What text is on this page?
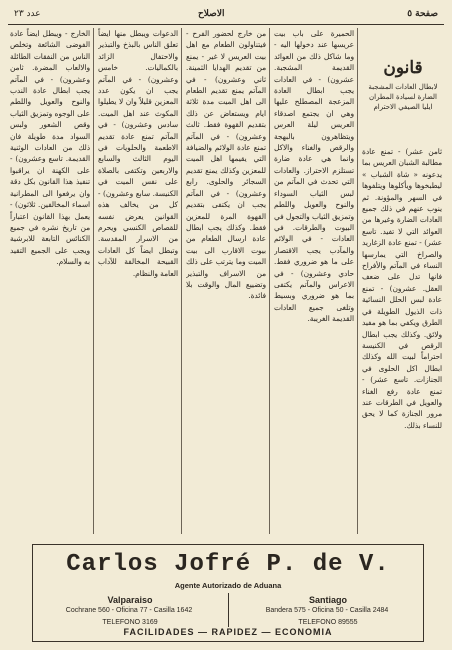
صفحة ٥
الاصلاح
عدد ٢٣

ثامن عشر) - تمنع عادة مطالبة الشبان العريس بما يدعونه « شاة الشباب » ليطبخوها ويأكلوها ويتلفوها في السهر والمؤونة. ثم ينوب عنهم في ذلك جميع العادات الضارة وغيرها من العوائد التي لا تفيد. تاسع عشر) - تمنع عادة الزغاريد والصراخ التي يمارسها النساء في المآتم والأفراح فانها تدل على ضعف العقل. عشرون) - تمنع عادة لبس الحلل النسائية ذات الذيول الطويلة في الطرق ويكفي بما هو مفيد ولائق. وكذلك يجب ابطال الرقص في الكنيسة احتراماً لبيت الله وكذلك ابطال اكل الحلوى في الجنازات. تاسع عشر) - تمنع عادة رفع الغناء والعويل في الطرقات عند مرور الجنازة كما لا يحق للنساء بذلك.

قانون
لابطال العادات المشجبة الضارة لسيادة المطران ايليا الصيفي الاحترام

الحميرة على باب بيت عريسها عند دخولها اليه - وما شاكل ذلك من العوائد القديمة المشجبة. عشرون) - في العادات يجب ابطال العادة المزعجة المصطلح عليها وهي ان يجتمع اصدقاء العريس ليلة العرس ويتظاهرون بالبهجة والرقص والغناء والاكل وانما هي عادة ضارة تستلزم الاحتراز. والعادات التي تحدث في المآتم من لبس الثياب السوداء والنوح والعويل واللطم وتمزيق الثياب والتجول في البيوت والطرقات. في العادات - في الولائم والمآدب يجب الاقتصار على ما هو ضروري فقط. حادي وعشرون) - في الاعراس والمآتم يكتفى بما هو ضروري وبسيط وتلغى جميع العادات القديمة الغريبة.

من خارج لحضور الفرح - فيتناولون الطعام مع اهل بيت العريس لا غير - يمنع من تقديم الهدايا الثمينة. ثاني وعشرون) - في المآتم يمنع تقديم الطعام الى اهل الميت مدة ثلاثة ايام ويستعاض عن ذلك بتقديم القهوة فقط. ثالث وعشرون) - في المآتم تمنع عادة الولائم والضيافة التي يقيمها اهل الميت للمعزين وكذلك يمنع تقديم السجائر والحلوى. رابع وعشرون) - في المآتم يجب ان يكتفى بتقديم القهوة المرة للمعزين فقط. وكذلك يجب ابطال عادة ارسال الطعام من بيوت الاقارب الى بيت الميت وما يترتب على ذلك من الاسراف والتبذير وتضييع المال والوقت بلا فائدة.

الدعوات ويبطل منها ايضاً تعلق الناس بالبذخ والتبذير والاحتفال الزائد بالكماليات. خامس وعشرون) - في المآتم يجب ان يكون عدد المعزين قليلاً وان لا يطيلوا المكوث عند اهل الميت. سادس وعشرون) - في المآتم تمنع عادة تقديم الاطعمة والحلويات في اليوم الثالث والسابع والاربعين وتكتفى بالصلاة على نفس الميت في الكنيسة. سابع وعشرون) - كل من يخالف هذه القوانين يعرض نفسه للقصاص الكنسي ويحرم من الاسرار المقدسة. وتبطل ايضاً كل العادات القبيحة المخالفة للآداب العامة والنظام.

الخارج - ويبطل ايضاً عادة الفوضى الشائعة وتخلص الناس من النفقات الطائلة والالعاب المضرة. ثامن وعشرون) - في المآتم يجب ابطال عادة الندب والنوح والعويل واللطم على الوجوه وتمزيق الثياب وقص الشعور ولبس السواد مدة طويلة فان ذلك من العادات الوثنية القديمة. تاسع وعشرون) - على الكهنة ان يراقبوا تنفيذ هذا القانون بكل دقة وان يرفعوا الى المطرانية اسماء المخالفين. ثلاثون) - يعمل بهذا القانون اعتباراً من تاريخ نشره في جميع الكنائس التابعة للابرشية ويجب على الجميع التقيد به والسلام.

Carlos Jofré P. de V.
Agente Autorizado de Aduana
Valparaiso
Cochrane 560 - Oficina 77 - Casilla 1642
TELEFONO 3169
Santiago
Bandera 575 - Oficina 50 - Casilla 2484
TELEFONO 89555
FACILIDADES — RAPIDEZ — ECONOMIA
